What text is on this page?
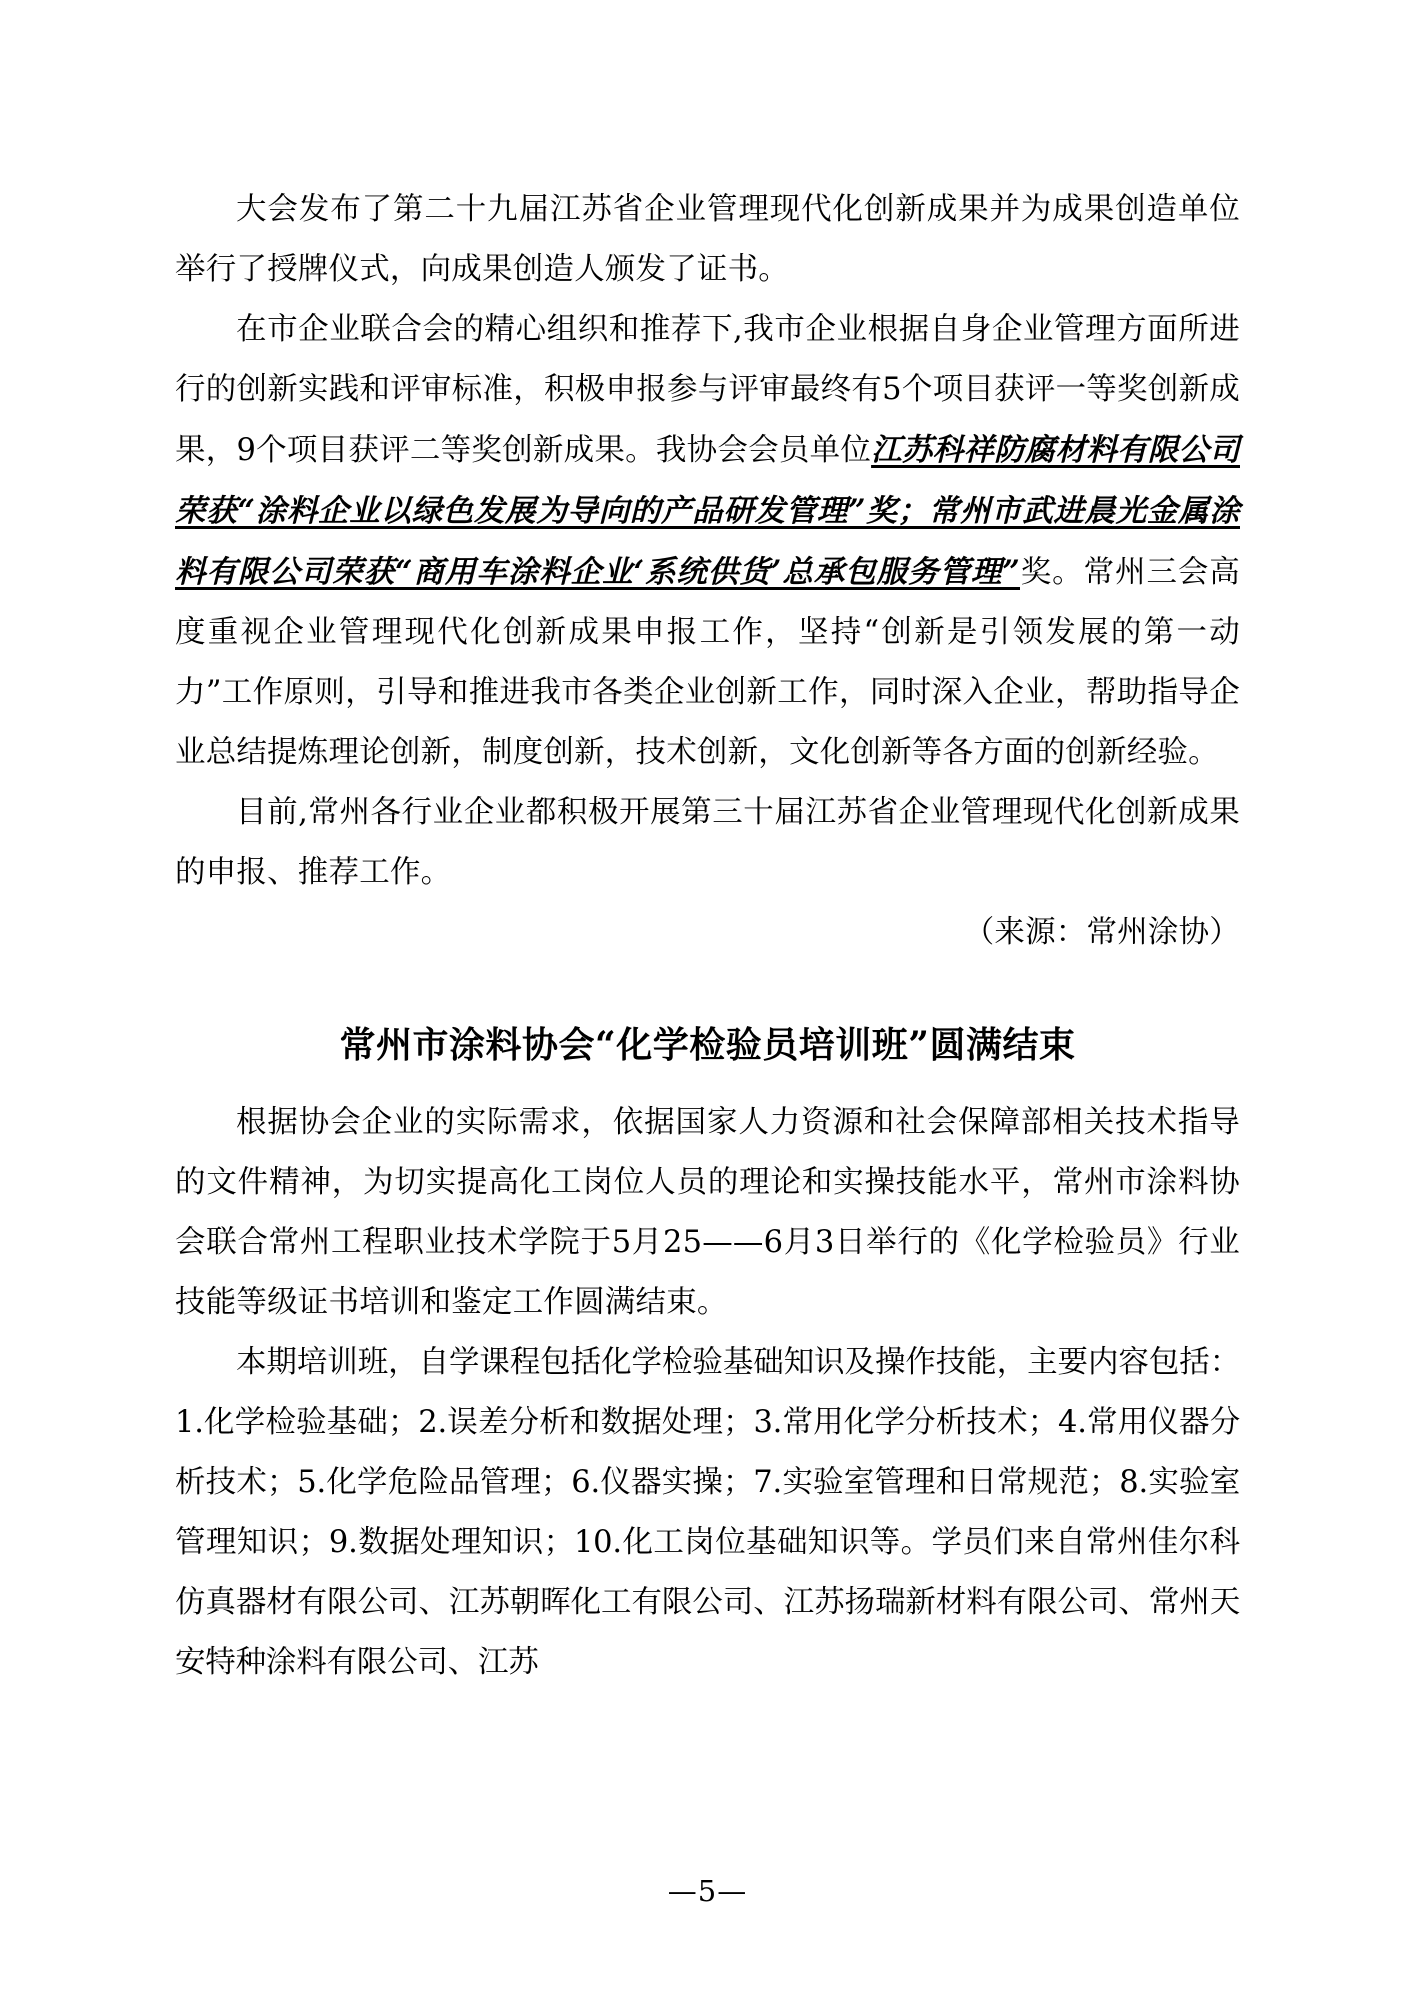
大会发布了第二十九届江苏省企业管理现代化创新成果并为成果创造单位举行了授牌仪式，向成果创造人颁发了证书。

在市企业联合会的精心组织和推荐下,我市企业根据自身企业管理方面所进行的创新实践和评审标准，积极申报参与评审最终有5个项目获评一等奖创新成果，9个项目获评二等奖创新成果。我协会会员单位江苏科祥防腐材料有限公司荣获“涂料企业以绿色发展为导向的产品研发管理”奖；常州市武进晨光金属涂料有限公司荣获“商用车涂料企业‘系统供货’总承包服务管理”奖。常州三会高度重视企业管理现代化创新成果申报工作，坚持“创新是引领发展的第一动力”工作原则，引导和推进我市各类企业创新工作，同时深入企业，帮助指导企业总结提炼理论创新，制度创新，技术创新，文化创新等各方面的创新经验。

目前,常州各行业企业都积极开展第三十届江苏省企业管理现代化创新成果的申报、推荐工作。

（来源：常州涂协）

常州市涂料协会“化学检验员培训班”圆满结束

根据协会企业的实际需求，依据国家人力资源和社会保障部相关技术指导的文件精神，为切实提高化工岗位人员的理论和实操技能水平，常州市涂料协会联合常州工程职业技术学院于5月25——6月3日举行的《化学检验员》行业技能等级证书培训和鉴定工作圆满结束。

本期培训班，自学课程包括化学检验基础知识及操作技能，主要内容包括：1.化学检验基础；2.误差分析和数据处理；3.常用化学分析技术；4.常用仪器分析技术；5.化学危险品管理；6.仪器实操；7.实验室管理和日常规范；8.实验室管理知识；9.数据处理知识；10.化工岗位基础知识等。学员们来自常州佳尔科仿真器材有限公司、江苏朝晖化工有限公司、江苏扬瑞新材料有限公司、常州天安特种涂料有限公司、江苏

—5—
